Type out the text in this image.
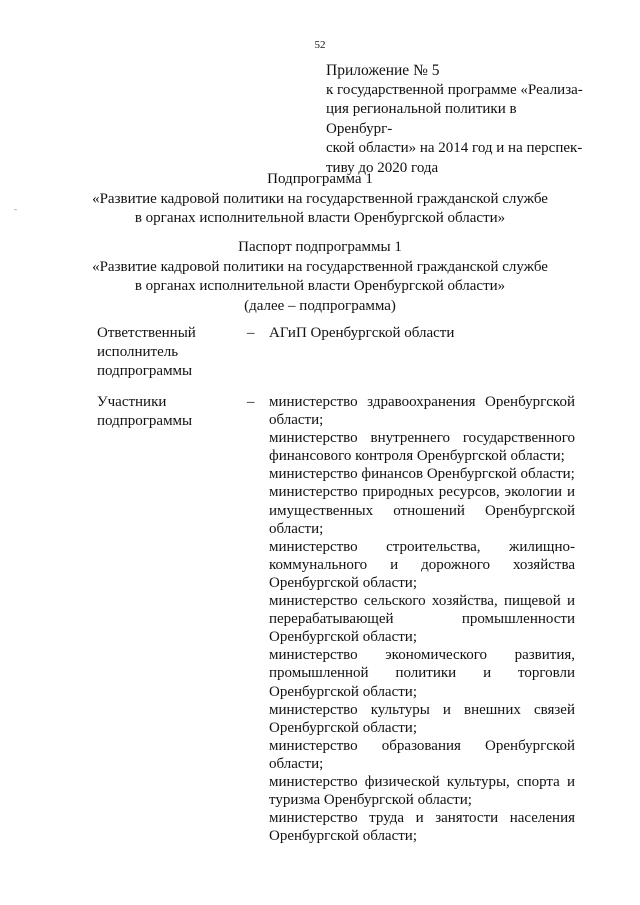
52
-
Приложение № 5
к государственной программе «Реализа-
ция региональной политики в Оренбург-
ской области» на 2014 год и на перспек-
тиву до 2020 года
Подпрограмма 1
«Развитие кадровой политики на государственной гражданской службе
в органах исполнительной власти Оренбургской области»
Паспорт подпрограммы 1
«Развитие кадровой политики на государственной гражданской службе
в органах исполнительной власти Оренбургской области»
(далее – подпрограмма)
Ответственный
исполнитель
подпрограммы
– АГиП Оренбургской области
Участники
подпрограммы
– министерство здравоохранения Оренбургской области;
министерство внутреннего государственного финансового контроля Оренбургской области;
министерство финансов Оренбургской области;
министерство природных ресурсов, экологии и имущественных отношений Оренбургской области;
министерство строительства, жилищно-коммунального и дорожного хозяйства Оренбургской области;
министерство сельского хозяйства, пищевой и перерабатывающей промышленности Оренбургской области;
министерство экономического развития, промышленной политики и торговли Оренбургской области;
министерство культуры и внешних связей Оренбургской области;
министерство образования Оренбургской области;
министерство физической культуры, спорта и туризма Оренбургской области;
министерство труда и занятости населения Оренбургской области;
